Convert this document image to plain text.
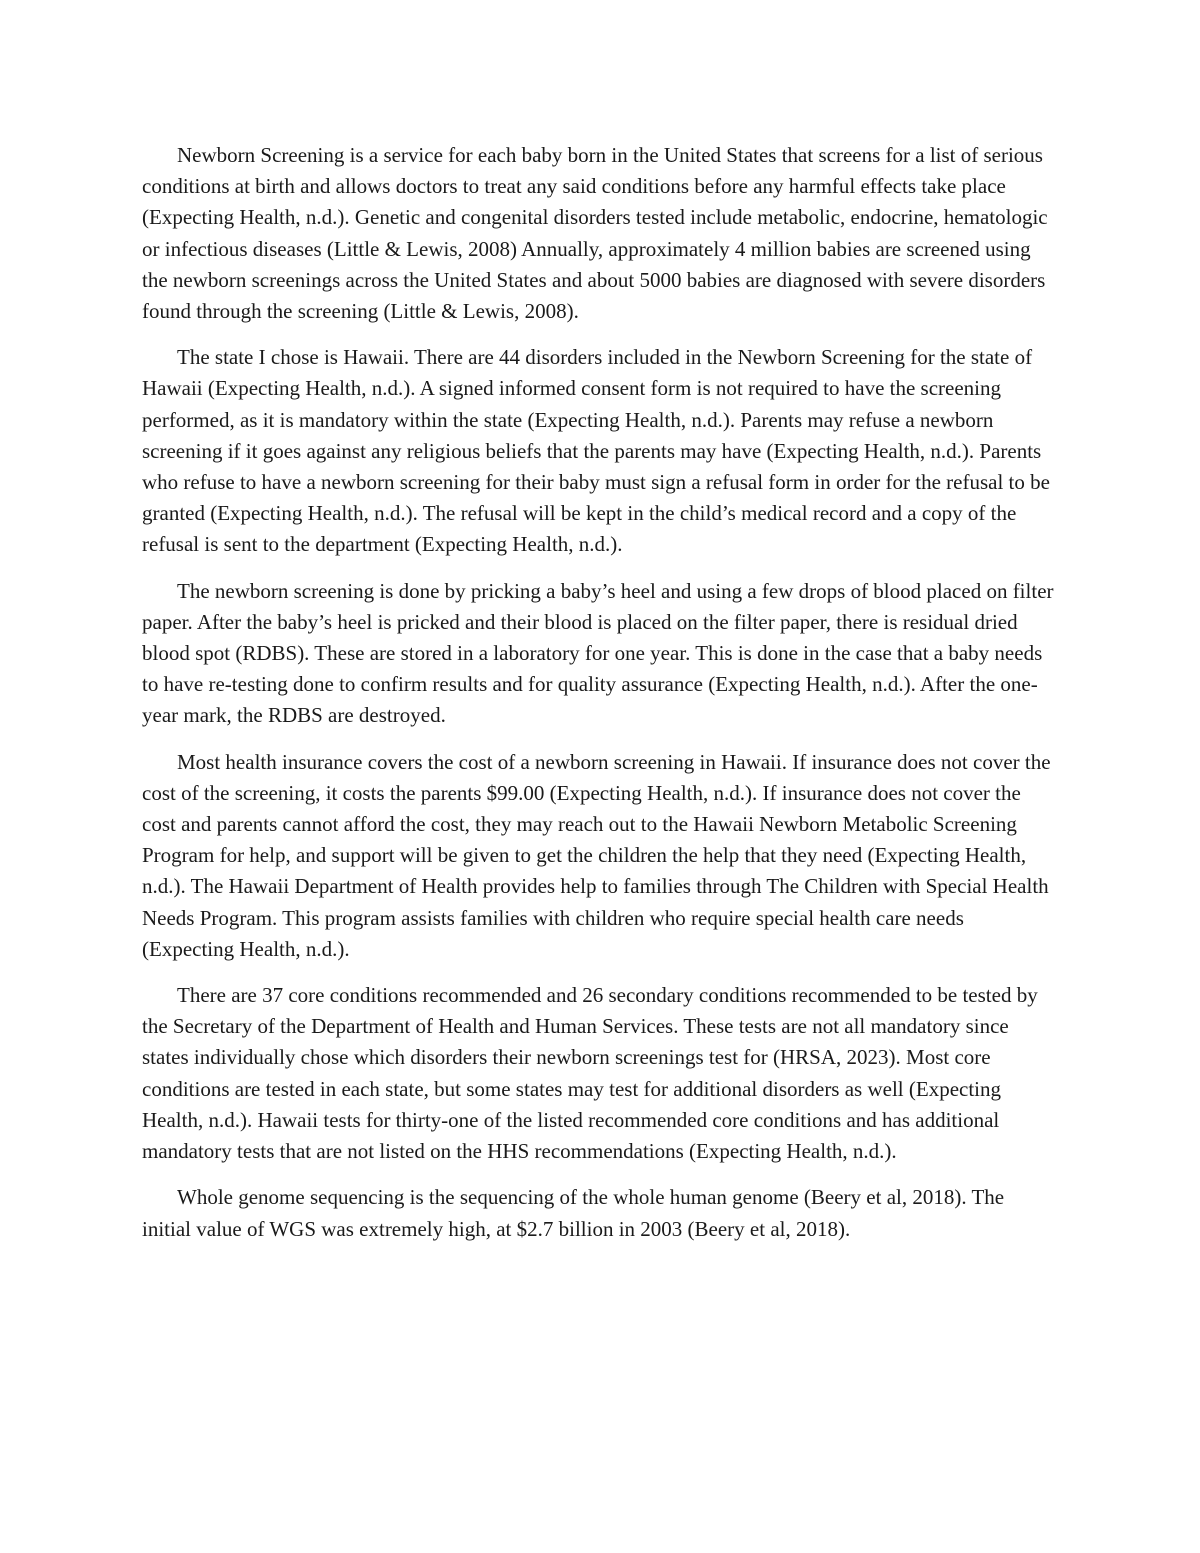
Newborn Screening is a service for each baby born in the United States that screens for a list of serious conditions at birth and allows doctors to treat any said conditions before any harmful effects take place (Expecting Health, n.d.). Genetic and congenital disorders tested include metabolic, endocrine, hematologic or infectious diseases (Little & Lewis, 2008) Annually, approximately 4 million babies are screened using the newborn screenings across the United States and about 5000 babies are diagnosed with severe disorders found through the screening (Little & Lewis, 2008).

The state I chose is Hawaii. There are 44 disorders included in the Newborn Screening for the state of Hawaii (Expecting Health, n.d.). A signed informed consent form is not required to have the screening performed, as it is mandatory within the state (Expecting Health, n.d.). Parents may refuse a newborn screening if it goes against any religious beliefs that the parents may have (Expecting Health, n.d.). Parents who refuse to have a newborn screening for their baby must sign a refusal form in order for the refusal to be granted (Expecting Health, n.d.). The refusal will be kept in the child’s medical record and a copy of the refusal is sent to the department (Expecting Health, n.d.).

The newborn screening is done by pricking a baby’s heel and using a few drops of blood placed on filter paper. After the baby’s heel is pricked and their blood is placed on the filter paper, there is residual dried blood spot (RDBS). These are stored in a laboratory for one year. This is done in the case that a baby needs to have re-testing done to confirm results and for quality assurance (Expecting Health, n.d.). After the one-year mark, the RDBS are destroyed.

Most health insurance covers the cost of a newborn screening in Hawaii. If insurance does not cover the cost of the screening, it costs the parents $99.00 (Expecting Health, n.d.). If insurance does not cover the cost and parents cannot afford the cost, they may reach out to the Hawaii Newborn Metabolic Screening Program for help, and support will be given to get the children the help that they need (Expecting Health, n.d.). The Hawaii Department of Health provides help to families through The Children with Special Health Needs Program. This program assists families with children who require special health care needs (Expecting Health, n.d.).

There are 37 core conditions recommended and 26 secondary conditions recommended to be tested by the Secretary of the Department of Health and Human Services. These tests are not all mandatory since states individually chose which disorders their newborn screenings test for (HRSA, 2023). Most core conditions are tested in each state, but some states may test for additional disorders as well (Expecting Health, n.d.). Hawaii tests for thirty-one of the listed recommended core conditions and has additional mandatory tests that are not listed on the HHS recommendations (Expecting Health, n.d.).

Whole genome sequencing is the sequencing of the whole human genome (Beery et al, 2018). The initial value of WGS was extremely high, at $2.7 billion in 2003 (Beery et al, 2018).
